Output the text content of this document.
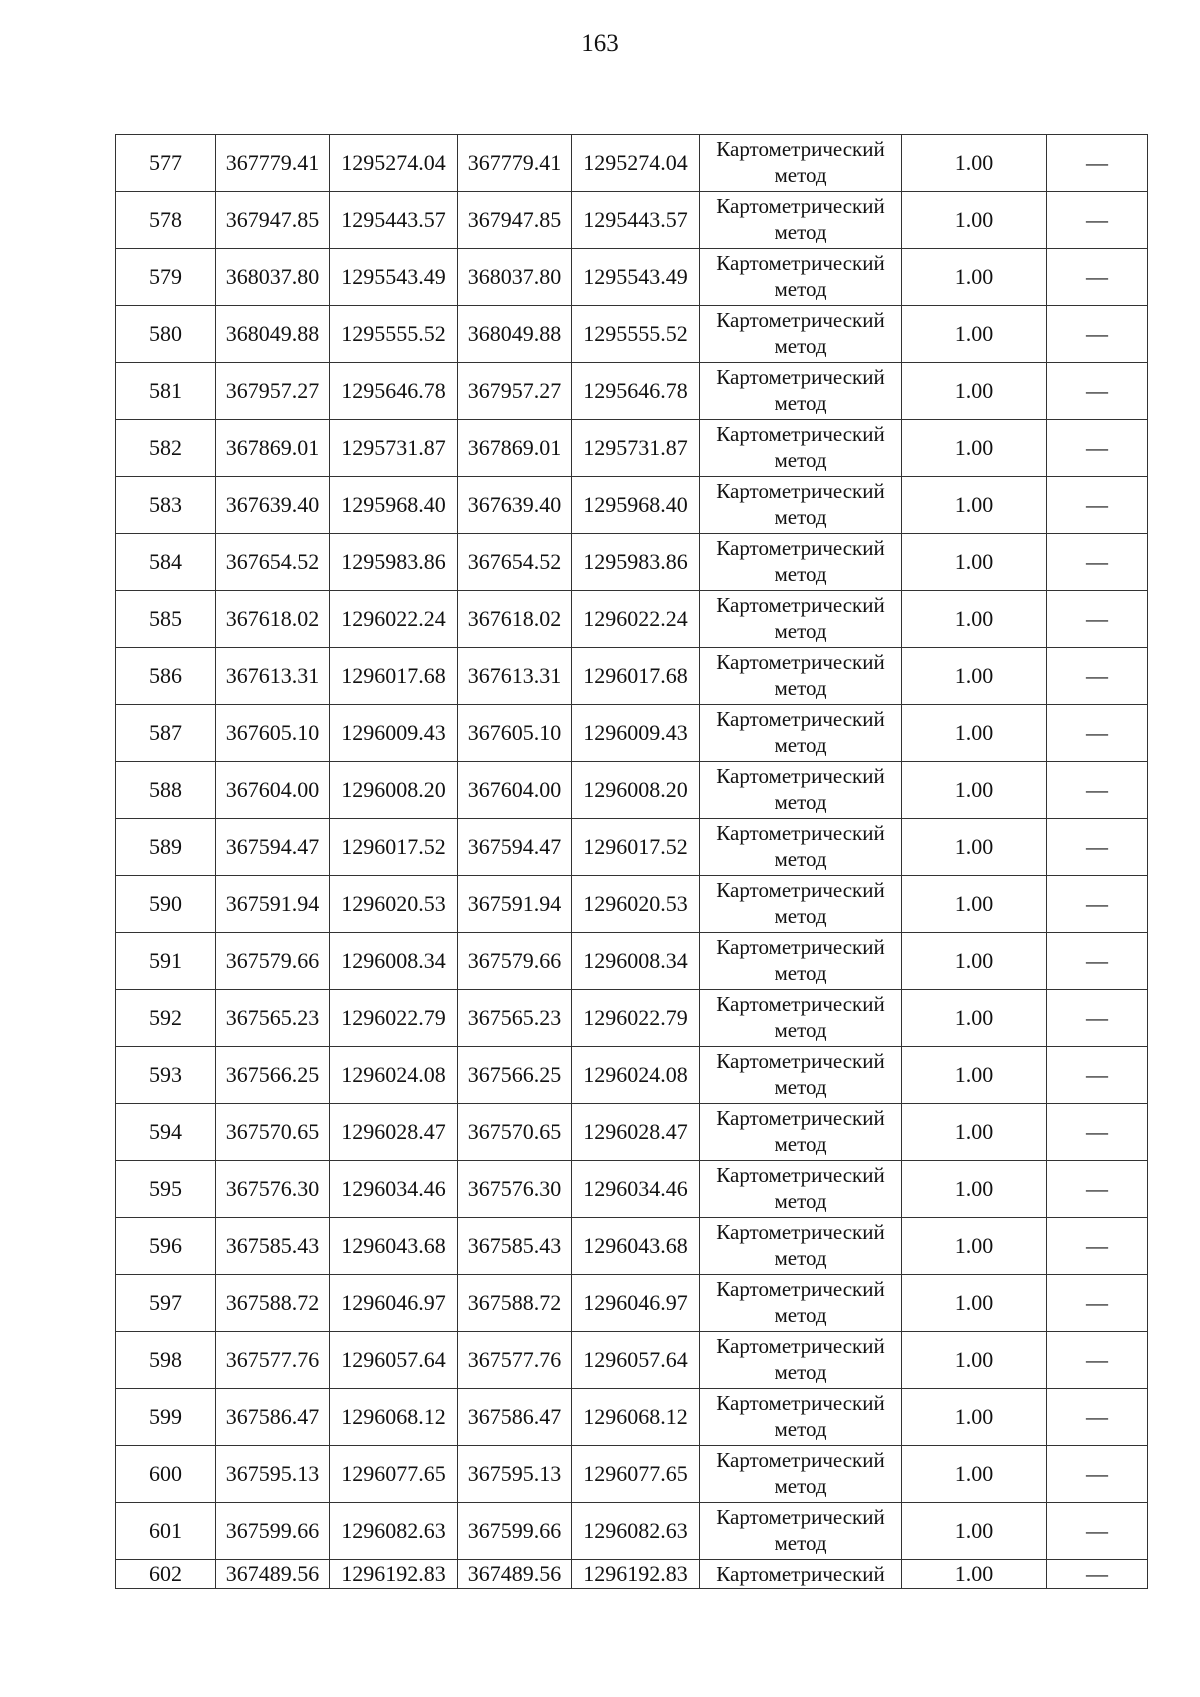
163
577	367779.41	1295274.04	367779.41	1295274.04	Картометрический
метод	1.00	—
578	367947.85	1295443.57	367947.85	1295443.57	Картометрический
метод	1.00	—
579	368037.80	1295543.49	368037.80	1295543.49	Картометрический
метод	1.00	—
580	368049.88	1295555.52	368049.88	1295555.52	Картометрический
метод	1.00	—
581	367957.27	1295646.78	367957.27	1295646.78	Картометрический
метод	1.00	—
582	367869.01	1295731.87	367869.01	1295731.87	Картометрический
метод	1.00	—
583	367639.40	1295968.40	367639.40	1295968.40	Картометрический
метод	1.00	—
584	367654.52	1295983.86	367654.52	1295983.86	Картометрический
метод	1.00	—
585	367618.02	1296022.24	367618.02	1296022.24	Картометрический
метод	1.00	—
586	367613.31	1296017.68	367613.31	1296017.68	Картометрический
метод	1.00	—
587	367605.10	1296009.43	367605.10	1296009.43	Картометрический
метод	1.00	—
588	367604.00	1296008.20	367604.00	1296008.20	Картометрический
метод	1.00	—
589	367594.47	1296017.52	367594.47	1296017.52	Картометрический
метод	1.00	—
590	367591.94	1296020.53	367591.94	1296020.53	Картометрический
метод	1.00	—
591	367579.66	1296008.34	367579.66	1296008.34	Картометрический
метод	1.00	—
592	367565.23	1296022.79	367565.23	1296022.79	Картометрический
метод	1.00	—
593	367566.25	1296024.08	367566.25	1296024.08	Картометрический
метод	1.00	—
594	367570.65	1296028.47	367570.65	1296028.47	Картометрический
метод	1.00	—
595	367576.30	1296034.46	367576.30	1296034.46	Картометрический
метод	1.00	—
596	367585.43	1296043.68	367585.43	1296043.68	Картометрический
метод	1.00	—
597	367588.72	1296046.97	367588.72	1296046.97	Картометрический
метод	1.00	—
598	367577.76	1296057.64	367577.76	1296057.64	Картометрический
метод	1.00	—
599	367586.47	1296068.12	367586.47	1296068.12	Картометрический
метод	1.00	—
600	367595.13	1296077.65	367595.13	1296077.65	Картометрический
метод	1.00	—
601	367599.66	1296082.63	367599.66	1296082.63	Картометрический
метод	1.00	—
602	367489.56	1296192.83	367489.56	1296192.83	Картометрический	1.00	—
